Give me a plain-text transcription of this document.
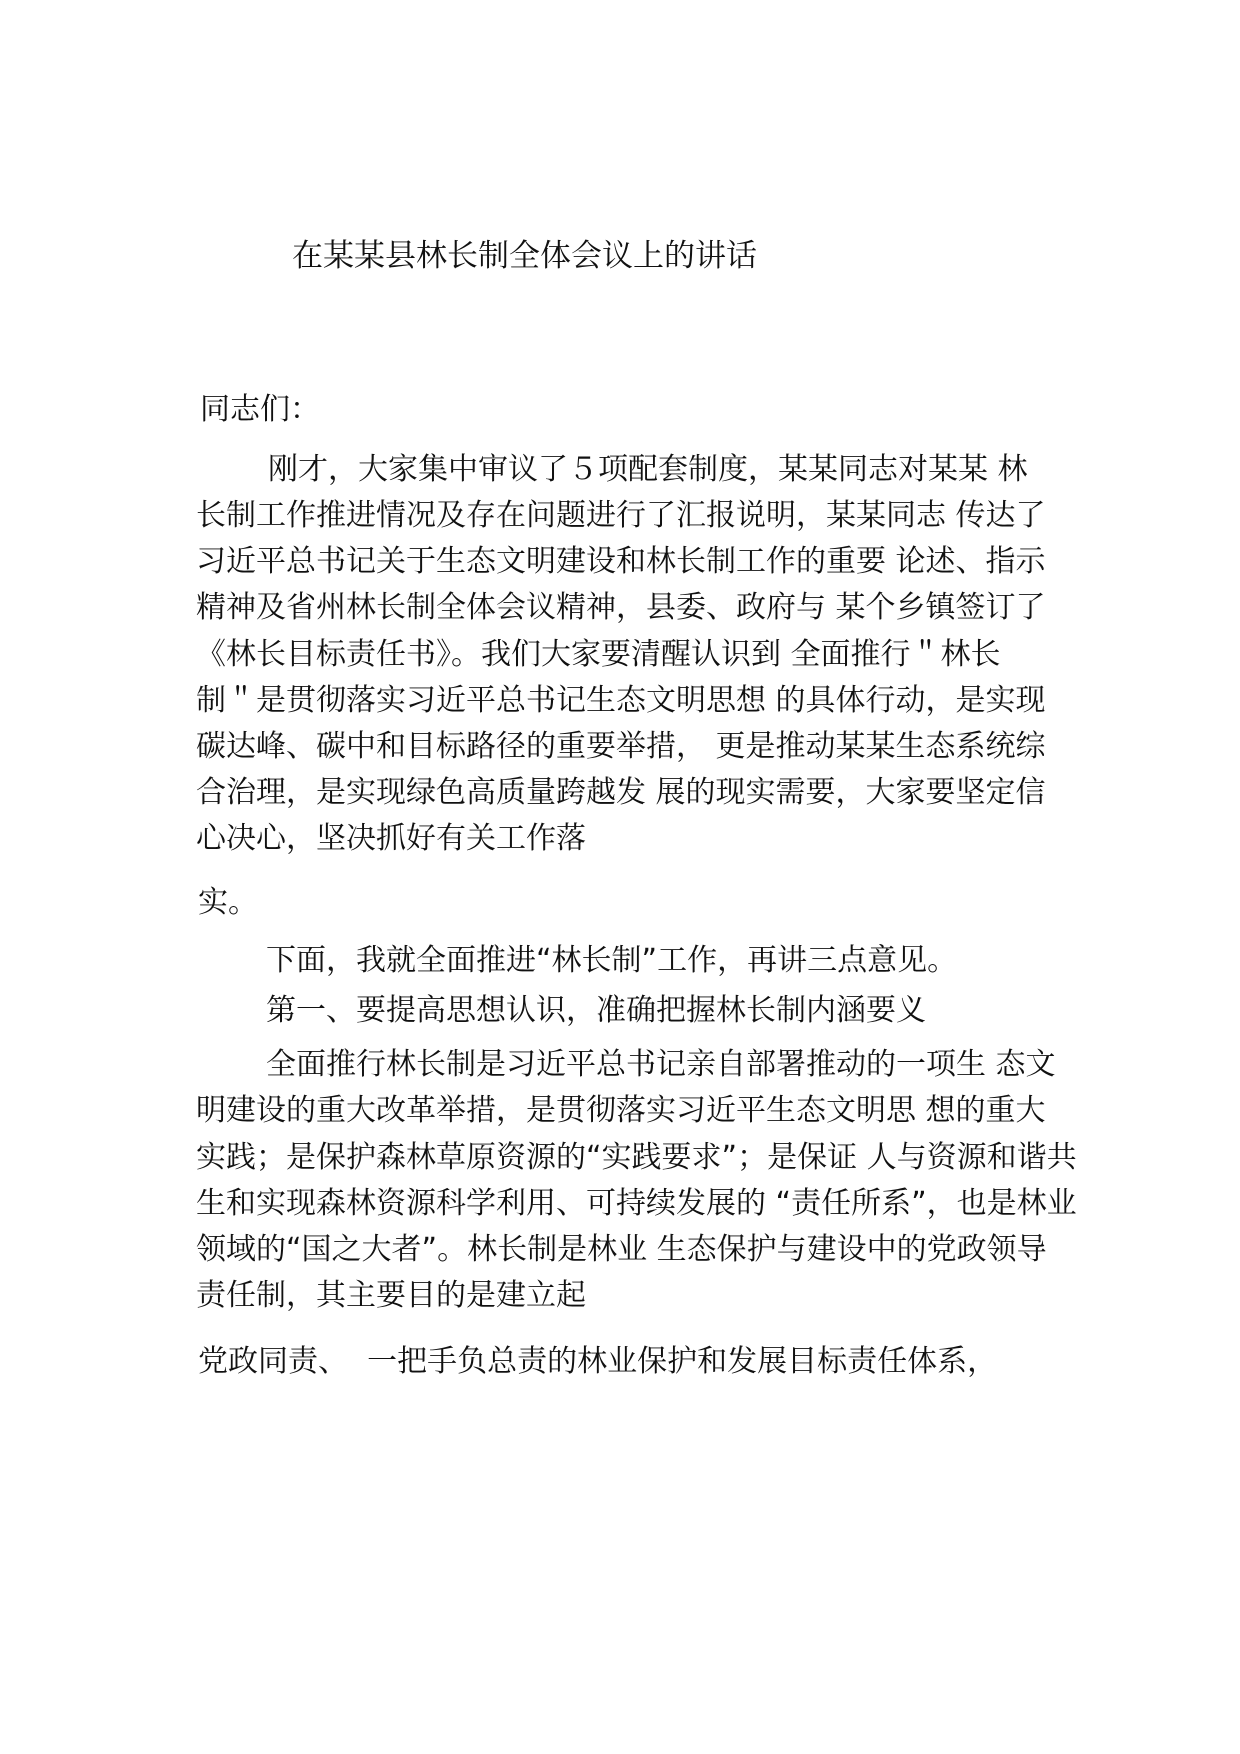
在某某县林长制全体会议上的讲话
同志们：
刚才，大家集中审议了５项配套制度，某某同志对某某 林
长制工作推进情况及存在问题进行了汇报说明，某某同志 传达了
习近平总书记关于生态文明建设和林长制工作的重要 论述、指示
精神及省州林长制全体会议精神，县委、政府与 某个乡镇签订了
《林长目标责任书》。我们大家要清醒认识到 全面推行＂林长
制＂是贯彻落实习近平总书记生态文明思想 的具体行动，是实现
碳达峰、碳中和目标路径的重要举措， 更是推动某某生态系统综
合治理，是实现绿色高质量跨越发 展的现实需要，大家要坚定信
心决心，坚决抓好有关工作落
实。
下面，我就全面推进“林长制”工作，再讲三点意见。
第一、要提高思想认识，准确把握林长制内涵要义
全面推行林长制是习近平总书记亲自部署推动的一项生 态文
明建设的重大改革举措，是贯彻落实习近平生态文明思 想的重大
实践；是保护森林草原资源的“实践要求”；是保证 人与资源和谐共
生和实现森林资源科学利用、可持续发展的 “责任所系”，也是林业
领域的“国之大者”。林长制是林业 生态保护与建设中的党政领导
责任制，其主要目的是建立起
党政同责、  一把手负总责的林业保护和发展目标责任体系，
